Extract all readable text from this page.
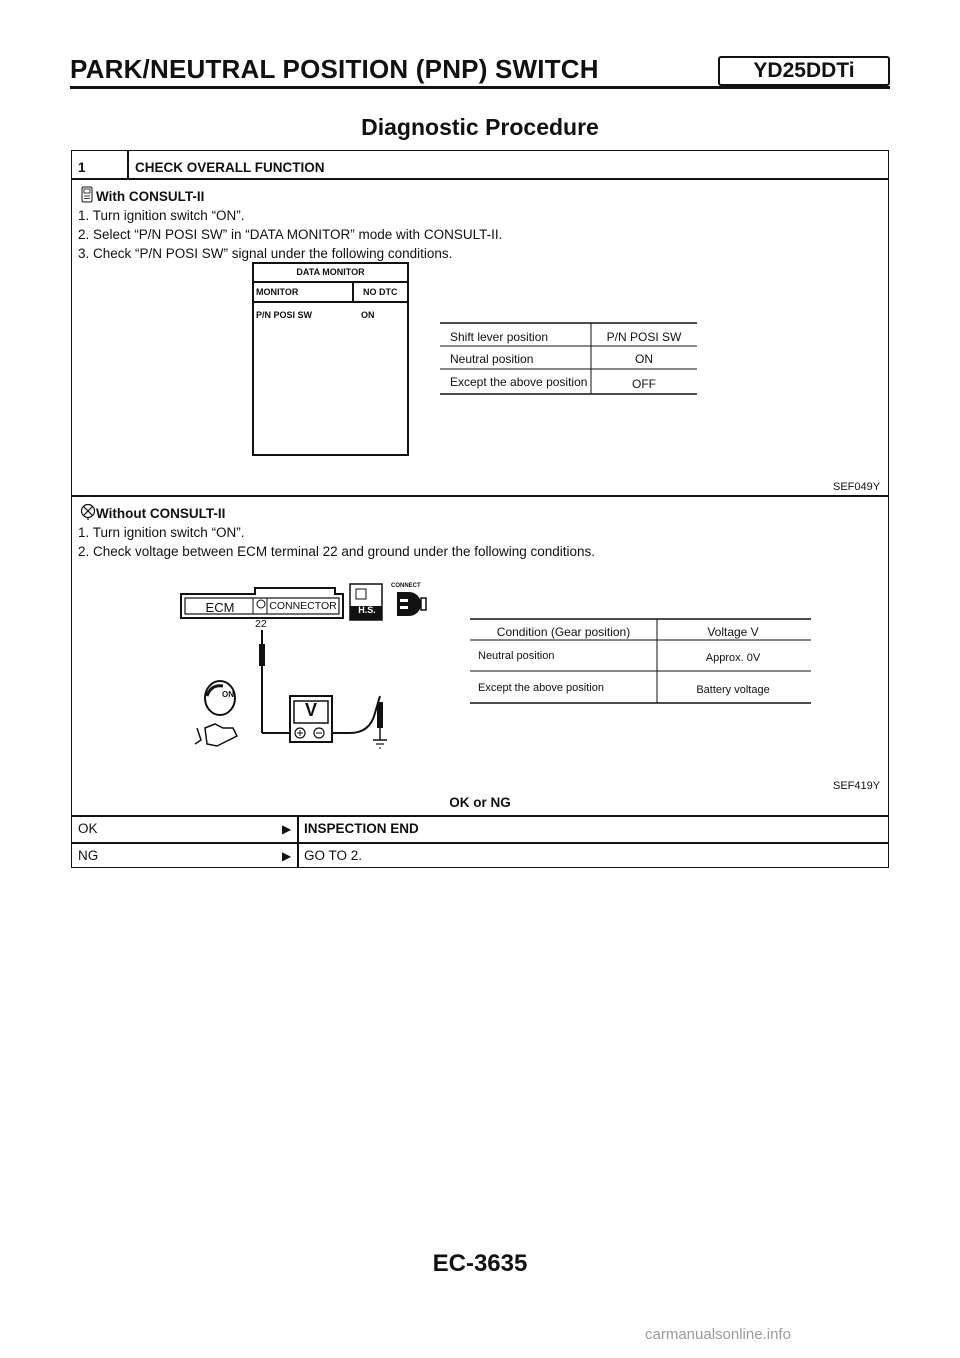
PARK/NEUTRAL POSITION (PNP) SWITCH	YD25DDTi
Diagnostic Procedure
1	CHECK OVERALL FUNCTION
With CONSULT-II
1. Turn ignition switch “ON”.
2. Select “P/N POSI SW” in “DATA MONITOR” mode with CONSULT-II.
3. Check “P/N POSI SW” signal under the following conditions.
DATA MONITOR
MONITOR	NO DTC
P/N POSI SW	ON
Shift lever position	P/N POSI SW
Neutral position	ON
Except the above position	OFF
SEF049Y
Without CONSULT-II
1. Turn ignition switch “ON”.
2. Check voltage between ECM terminal 22 and ground under the following conditions.
ECM	CONNECTOR
22
CONNECT
H.S.
V
ON
Condition (Gear position)	Voltage V
Neutral position	Approx. 0V
Except the above position	Battery voltage
SEF419Y
OK or NG
OK	▶ INSPECTION END
NG	▶ GO TO 2.
EC-3635
carmanualsonline.info
